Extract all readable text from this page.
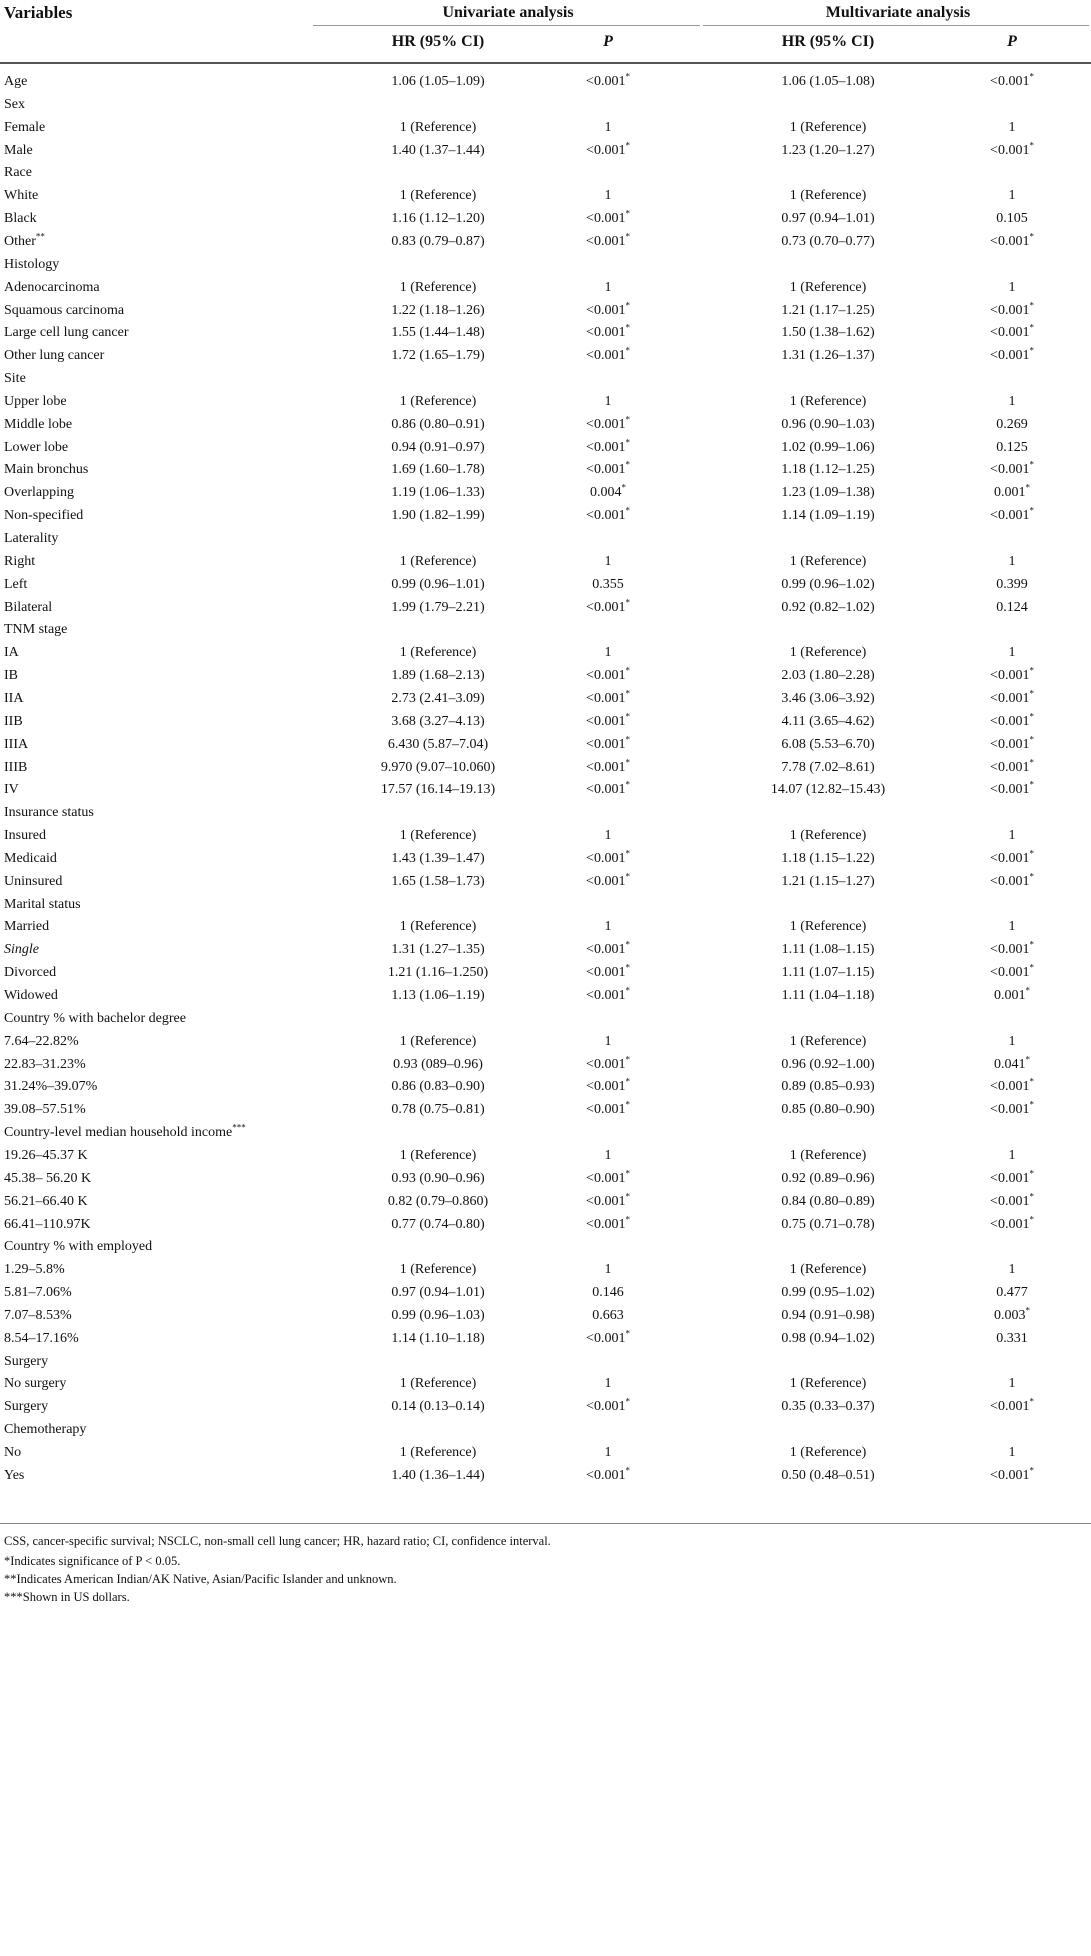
Variables	Univariate analysis	Multivariate analysis
HR (95% CI)	P	HR (95% CI)	P
Age	1.06 (1.05–1.09)	<0.001*	1.06 (1.05–1.08)	<0.001*
Sex
Female	1 (Reference)	1	1 (Reference)	1
Male	1.40 (1.37–1.44)	<0.001*	1.23 (1.20–1.27)	<0.001*
Race
White	1 (Reference)	1	1 (Reference)	1
Black	1.16 (1.12–1.20)	<0.001*	0.97 (0.94–1.01)	0.105
Other**	0.83 (0.79–0.87)	<0.001*	0.73 (0.70–0.77)	<0.001*
Histology
Adenocarcinoma	1 (Reference)	1	1 (Reference)	1
Squamous carcinoma	1.22 (1.18–1.26)	<0.001*	1.21 (1.17–1.25)	<0.001*
Large cell lung cancer	1.55 (1.44–1.48)	<0.001*	1.50 (1.38–1.62)	<0.001*
Other lung cancer	1.72 (1.65–1.79)	<0.001*	1.31 (1.26–1.37)	<0.001*
Site
Upper lobe	1 (Reference)	1	1 (Reference)	1
Middle lobe	0.86 (0.80–0.91)	<0.001*	0.96 (0.90–1.03)	0.269
Lower lobe	0.94 (0.91–0.97)	<0.001*	1.02 (0.99–1.06)	0.125
Main bronchus	1.69 (1.60–1.78)	<0.001*	1.18 (1.12–1.25)	<0.001*
Overlapping	1.19 (1.06–1.33)	0.004*	1.23 (1.09–1.38)	0.001*
Non-specified	1.90 (1.82–1.99)	<0.001*	1.14 (1.09–1.19)	<0.001*
Laterality
Right	1 (Reference)	1	1 (Reference)	1
Left	0.99 (0.96–1.01)	0.355	0.99 (0.96–1.02)	0.399
Bilateral	1.99 (1.79–2.21)	<0.001*	0.92 (0.82–1.02)	0.124
TNM stage
IA	1 (Reference)	1	1 (Reference)	1
IB	1.89 (1.68–2.13)	<0.001*	2.03 (1.80–2.28)	<0.001*
IIA	2.73 (2.41–3.09)	<0.001*	3.46 (3.06–3.92)	<0.001*
IIB	3.68 (3.27–4.13)	<0.001*	4.11 (3.65–4.62)	<0.001*
IIIA	6.430 (5.87–7.04)	<0.001*	6.08 (5.53–6.70)	<0.001*
IIIB	9.970 (9.07–10.060)	<0.001*	7.78 (7.02–8.61)	<0.001*
IV	17.57 (16.14–19.13)	<0.001*	14.07 (12.82–15.43)	<0.001*
Insurance status
Insured	1 (Reference)	1	1 (Reference)	1
Medicaid	1.43 (1.39–1.47)	<0.001*	1.18 (1.15–1.22)	<0.001*
Uninsured	1.65 (1.58–1.73)	<0.001*	1.21 (1.15–1.27)	<0.001*
Marital status
Married	1 (Reference)	1	1 (Reference)	1
Single	1.31 (1.27–1.35)	<0.001*	1.11 (1.08–1.15)	<0.001*
Divorced	1.21 (1.16–1.250)	<0.001*	1.11 (1.07–1.15)	<0.001*
Widowed	1.13 (1.06–1.19)	<0.001*	1.11 (1.04–1.18)	0.001*
Country % with bachelor degree
7.64–22.82%	1 (Reference)	1	1 (Reference)	1
22.83–31.23%	0.93 (089–0.96)	<0.001*	0.96 (0.92–1.00)	0.041*
31.24%–39.07%	0.86 (0.83–0.90)	<0.001*	0.89 (0.85–0.93)	<0.001*
39.08–57.51%	0.78 (0.75–0.81)	<0.001*	0.85 (0.80–0.90)	<0.001*
Country-level median household income***
19.26–45.37 K	1 (Reference)	1	1 (Reference)	1
45.38– 56.20 K	0.93 (0.90–0.96)	<0.001*	0.92 (0.89–0.96)	<0.001*
56.21–66.40 K	0.82 (0.79–0.860)	<0.001*	0.84 (0.80–0.89)	<0.001*
66.41–110.97K	0.77 (0.74–0.80)	<0.001*	0.75 (0.71–0.78)	<0.001*
Country % with employed
1.29–5.8%	1 (Reference)	1	1 (Reference)	1
5.81–7.06%	0.97 (0.94–1.01)	0.146	0.99 (0.95–1.02)	0.477
7.07–8.53%	0.99 (0.96–1.03)	0.663	0.94 (0.91–0.98)	0.003*
8.54–17.16%	1.14 (1.10–1.18)	<0.001*	0.98 (0.94–1.02)	0.331
Surgery
No surgery	1 (Reference)	1	1 (Reference)	1
Surgery	0.14 (0.13–0.14)	<0.001*	0.35 (0.33–0.37)	<0.001*
Chemotherapy
No	1 (Reference)	1	1 (Reference)	1
Yes	1.40 (1.36–1.44)	<0.001*	0.50 (0.48–0.51)	<0.001*
CSS, cancer-specific survival; NSCLC, non-small cell lung cancer; HR, hazard ratio; CI, confidence interval.
*Indicates significance of P < 0.05.
**Indicates American Indian/AK Native, Asian/Pacific Islander and unknown.
***Shown in US dollars.
